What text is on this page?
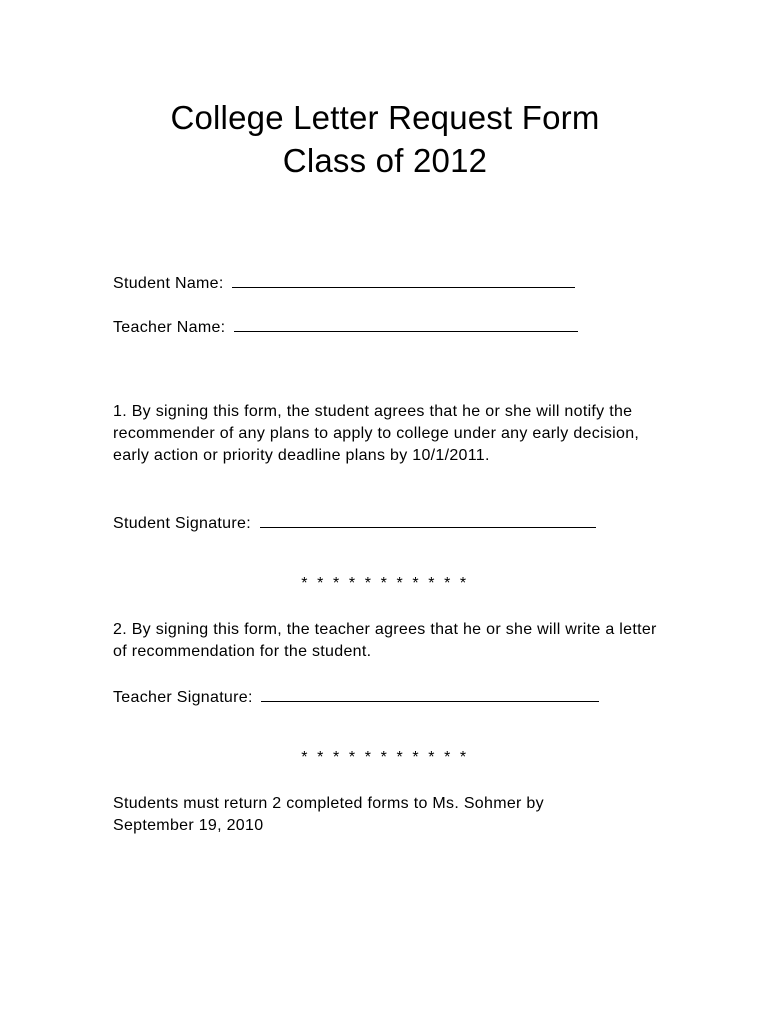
College Letter Request Form
Class of 2012
Student Name:
Teacher Name:
1. By signing this form, the student agrees that he or she will notify the recommender of any plans to apply to college under any early decision, early action or priority deadline plans by 10/1/2011.
Student Signature:
* * * * * * * * * * *
2. By signing this form, the teacher agrees that he or she will write a letter of recommendation for the student.
Teacher Signature:
* * * * * * * * * * *
Students must return 2 completed forms to Ms. Sohmer by September 19, 2010
